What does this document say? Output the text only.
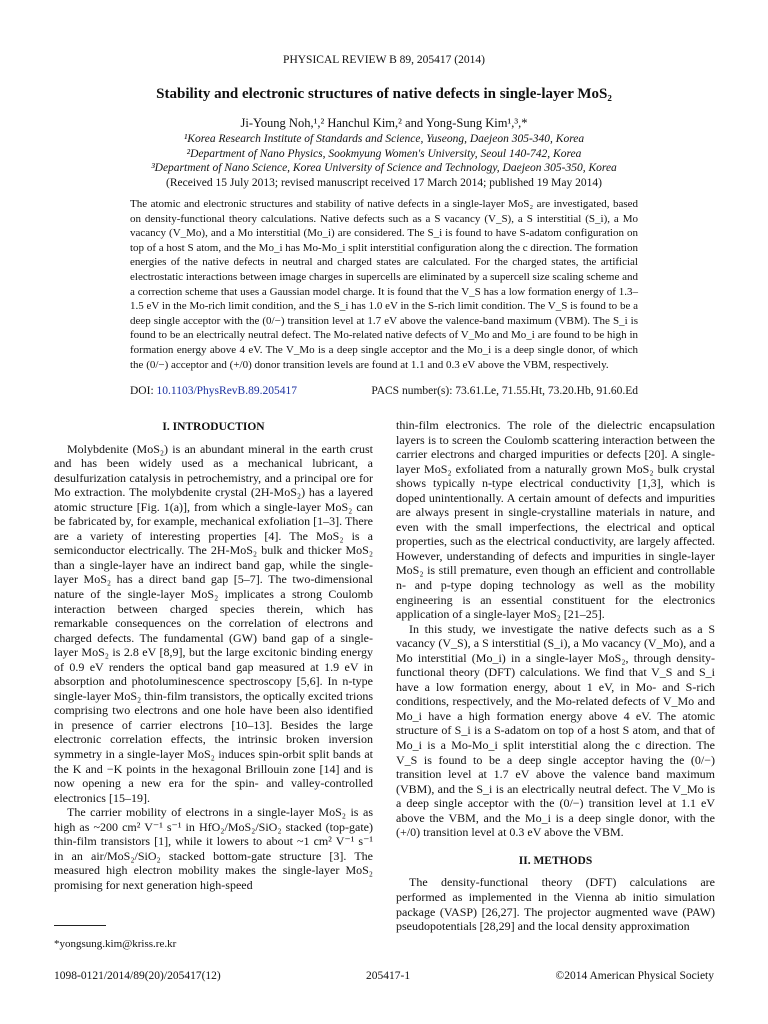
PHYSICAL REVIEW B 89, 205417 (2014)
Stability and electronic structures of native defects in single-layer MoS₂
Ji-Young Noh,¹,² Hanchul Kim,² and Yong-Sung Kim¹,³,*
¹Korea Research Institute of Standards and Science, Yuseong, Daejeon 305-340, Korea
²Department of Nano Physics, Sookmyung Women's University, Seoul 140-742, Korea
³Department of Nano Science, Korea University of Science and Technology, Daejeon 305-350, Korea
(Received 15 July 2013; revised manuscript received 17 March 2014; published 19 May 2014)
The atomic and electronic structures and stability of native defects in a single-layer MoS₂ are investigated, based on density-functional theory calculations. Native defects such as a S vacancy (V_S), a S interstitial (S_i), a Mo vacancy (V_Mo), and a Mo interstitial (Mo_i) are considered. The S_i is found to have S-adatom configuration on top of a host S atom, and the Mo_i has Mo-Mo_i split interstitial configuration along the c direction. The formation energies of the native defects in neutral and charged states are calculated. For the charged states, the artificial electrostatic interactions between image charges in supercells are eliminated by a supercell size scaling scheme and a correction scheme that uses a Gaussian model charge. It is found that the V_S has a low formation energy of 1.3–1.5 eV in the Mo-rich limit condition, and the S_i has 1.0 eV in the S-rich limit condition. The V_S is found to be a deep single acceptor with the (0/−) transition level at 1.7 eV above the valence-band maximum (VBM). The S_i is found to be an electrically neutral defect. The Mo-related native defects of V_Mo and Mo_i are found to be high in formation energy above 4 eV. The V_Mo is a deep single acceptor and the Mo_i is a deep single donor, of which the (0/−) acceptor and (+/0) donor transition levels are found at 1.1 and 0.3 eV above the VBM, respectively.
DOI: 10.1103/PhysRevB.89.205417	PACS number(s): 73.61.Le, 71.55.Ht, 73.20.Hb, 91.60.Ed
I. INTRODUCTION

Molybdenite (MoS₂) is an abundant mineral in the earth crust and has been widely used as a mechanical lubricant, a desulfurization catalysis in petrochemistry, and a principal ore for Mo extraction. The molybdenite crystal (2H-MoS₂) has a layered atomic structure [Fig. 1(a)], from which a single-layer MoS₂ can be fabricated by, for example, mechanical exfoliation [1–3]. There are a variety of interesting properties [4]. The MoS₂ is a semiconductor electrically. The 2H-MoS₂ bulk and thicker MoS₂ than a single-layer have an indirect band gap, while the single-layer MoS₂ has a direct band gap [5–7]. The two-dimensional nature of the single-layer MoS₂ implicates a strong Coulomb interaction between charged species therein, which has remarkable consequences on the correlation of electrons and charged defects. The fundamental (GW) band gap of a single-layer MoS₂ is 2.8 eV [8,9], but the large excitonic binding energy of 0.9 eV renders the optical band gap measured at 1.9 eV in absorption and photoluminescence spectroscopy [5,6]. In n-type single-layer MoS₂ thin-film transistors, the optically excited trions comprising two electrons and one hole have been also identified in presence of carrier electrons [10–13]. Besides the large electronic correlation effects, the intrinsic broken inversion symmetry in a single-layer MoS₂ induces spin-orbit split bands at the K and −K points in the hexagonal Brillouin zone [14] and is now opening a new era for the spin- and valley-controlled electronics [15–19].

The carrier mobility of electrons in a single-layer MoS₂ is as high as ~200 cm² V⁻¹ s⁻¹ in HfO₂/MoS₂/SiO₂ stacked (top-gate) thin-film transistors [1], while it lowers to about ~1 cm² V⁻¹ s⁻¹ in an air/MoS₂/SiO₂ stacked bottom-gate structure [3]. The measured high electron mobility makes the single-layer MoS₂ promising for next generation high-speed

thin-film electronics. The role of the dielectric encapsulation layers is to screen the Coulomb scattering interaction between the carrier electrons and charged impurities or defects [20]. A single-layer MoS₂ exfoliated from a naturally grown MoS₂ bulk crystal shows typically n-type electrical conductivity [1,3], which is doped unintentionally. A certain amount of defects and impurities are always present in single-crystalline materials in nature, and even with the small imperfections, the electrical and optical properties, such as the electrical conductivity, are largely affected. However, understanding of defects and impurities in single-layer MoS₂ is still premature, even though an efficient and controllable n- and p-type doping technology as well as the mobility engineering is an essential constituent for the electronics application of a single-layer MoS₂ [21–25].

In this study, we investigate the native defects such as a S vacancy (V_S), a S interstitial (S_i), a Mo vacancy (V_Mo), and a Mo interstitial (Mo_i) in a single-layer MoS₂, through density-functional theory (DFT) calculations. We find that V_S and S_i have a low formation energy, about 1 eV, in Mo- and S-rich conditions, respectively, and the Mo-related defects of V_Mo and Mo_i have a high formation energy above 4 eV. The atomic structure of S_i is a S-adatom on top of a host S atom, and that of Mo_i is a Mo-Mo_i split interstitial along the c direction. The V_S is found to be a deep single acceptor having the (0/−) transition level at 1.7 eV above the valence band maximum (VBM), and the S_i is an electrically neutral defect. The V_Mo is a deep single acceptor with the (0/−) transition level at 1.1 eV above the VBM, and the Mo_i is a deep single donor, with the (+/0) transition level at 0.3 eV above the VBM.

II. METHODS

The density-functional theory (DFT) calculations are performed as implemented in the Vienna ab initio simulation package (VASP) [26,27]. The projector augmented wave (PAW) pseudopotentials [28,29] and the local density approximation

*yongsung.kim@kriss.re.kr
1098-0121/2014/89(20)/205417(12)	205417-1	©2014 American Physical Society
